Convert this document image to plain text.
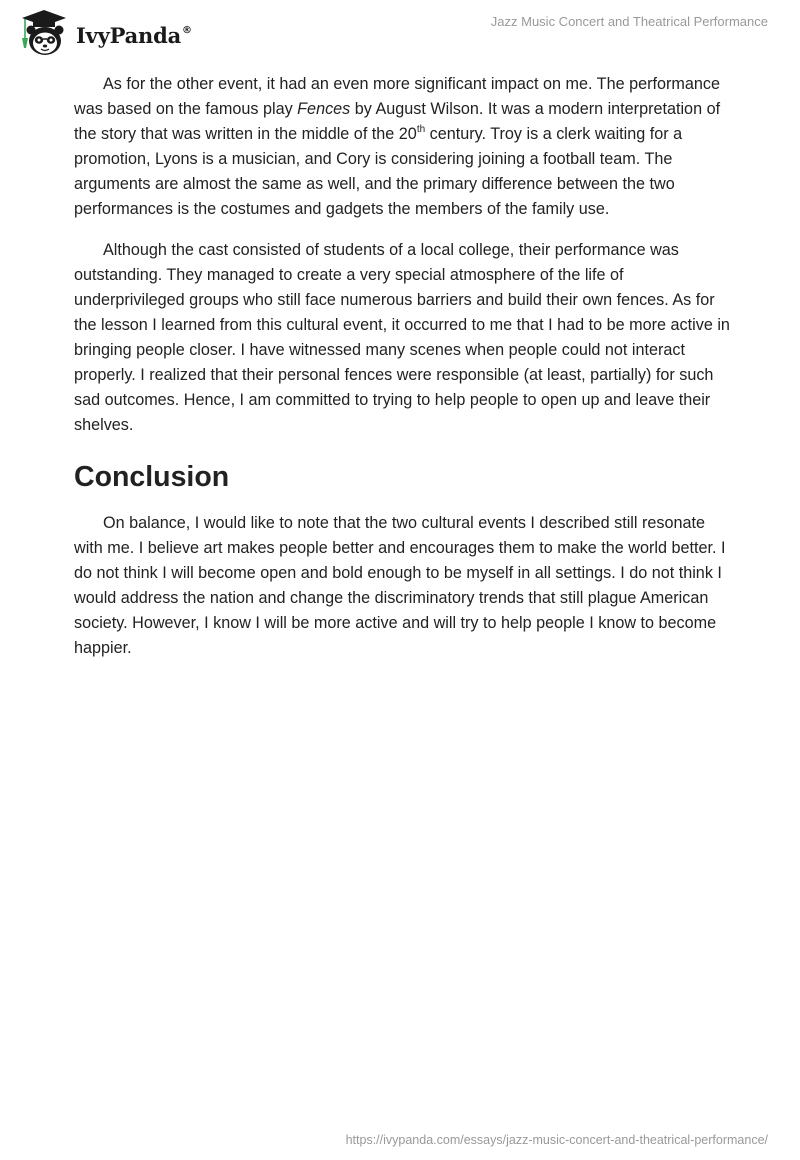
IvyPanda®
Jazz Music Concert and Theatrical Performance

As for the other event, it had an even more significant impact on me. The performance was based on the famous play Fences by August Wilson. It was a modern interpretation of the story that was written in the middle of the 20th century. Troy is a clerk waiting for a promotion, Lyons is a musician, and Cory is considering joining a football team. The arguments are almost the same as well, and the primary difference between the two performances is the costumes and gadgets the members of the family use.

Although the cast consisted of students of a local college, their performance was outstanding. They managed to create a very special atmosphere of the life of underprivileged groups who still face numerous barriers and build their own fences. As for the lesson I learned from this cultural event, it occurred to me that I had to be more active in bringing people closer. I have witnessed many scenes when people could not interact properly. I realized that their personal fences were responsible (at least, partially) for such sad outcomes. Hence, I am committed to trying to help people to open up and leave their shelves.

Conclusion

On balance, I would like to note that the two cultural events I described still resonate with me. I believe art makes people better and encourages them to make the world better. I do not think I will become open and bold enough to be myself in all settings. I do not think I would address the nation and change the discriminatory trends that still plague American society. However, I know I will be more active and will try to help people I know to become happier.

https://ivypanda.com/essays/jazz-music-concert-and-theatrical-performance/
